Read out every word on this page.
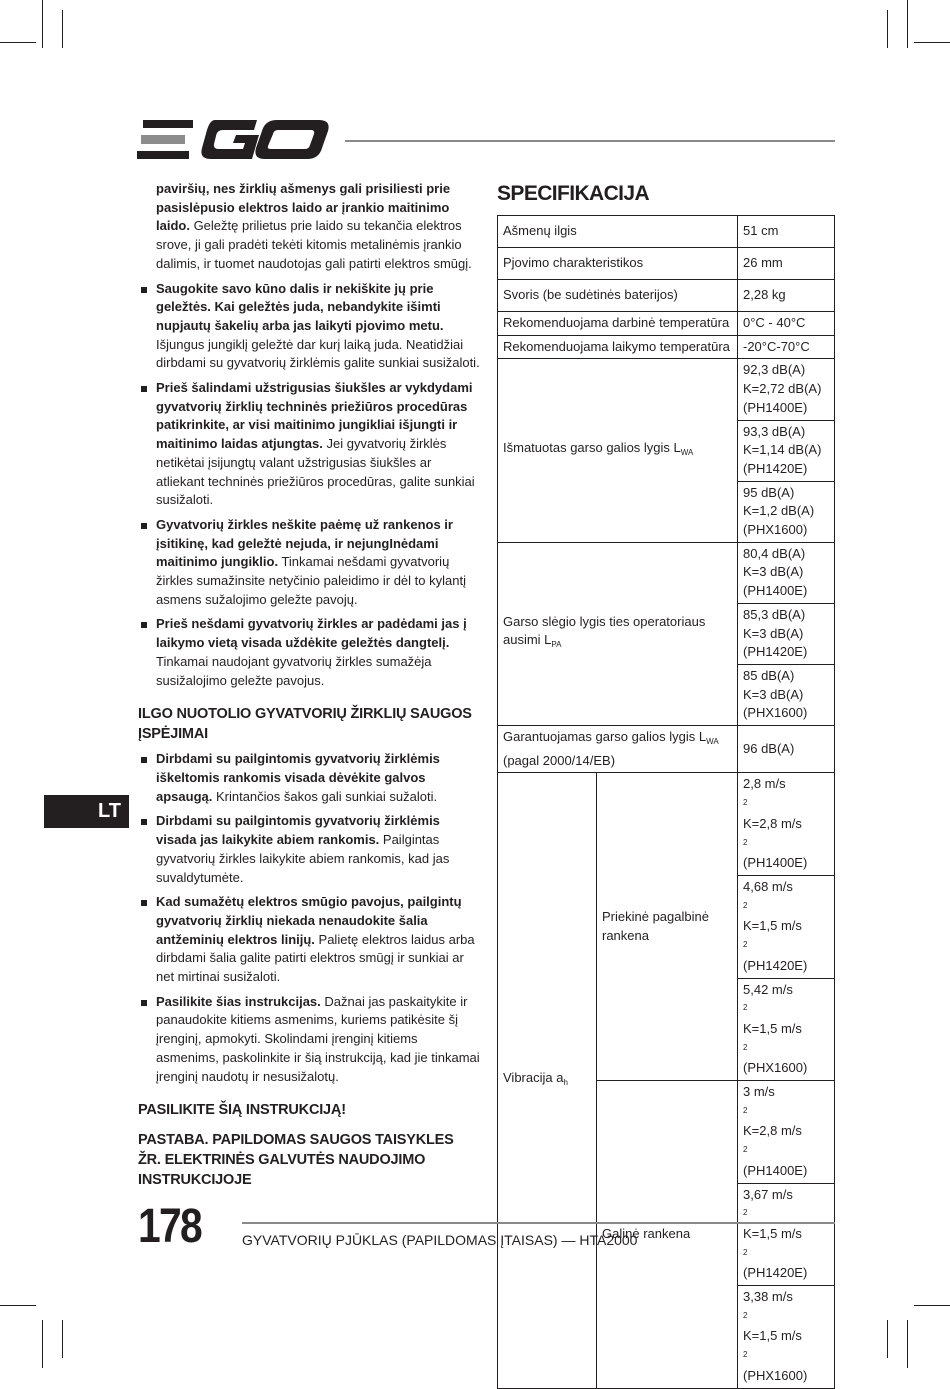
paviršių, nes žirklių ašmenys gali prisiliesti prie pasislėpusio elektros laido ar įrankio maitinimo laido. Geležtę prilietus prie laido su tekančia elektros srove, ji gali pradėti tekėti kitomis metalinėmis įrankio dalimis, ir tuomet naudotojas gali patirti elektros smūgį.

Saugokite savo kūno dalis ir nekiškite jų prie geležtės. Kai geležtės juda, nebandykite išimti nupjautų šakelių arba jas laikyti pjovimo metu. Išjungus jungiklį geležtė dar kurį laiką juda. Neatidžiai dirbdami su gyvatvorių žirklėmis galite sunkiai susižaloti.

Prieš šalindami užstrigusias šiukšles ar vykdydami gyvatvorių žirklių techninės priežiūros procedūras patikrinkite, ar visi maitinimo jungikliai išjungti ir maitinimo laidas atjungtas. Jei gyvatvorių žirklės netikėtai įsijungtų valant užstrigusias šiukšles ar atliekant techninės priežiūros procedūras, galite sunkiai susižaloti.

Gyvatvorių žirkles neškite paėmę už rankenos ir įsitikinę, kad geležtė nejuda, ir nejungInėdami maitinimo jungiklio. Tinkamai nešdami gyvatvorių žirkles sumažinsite netyčinio paleidimo ir dėl to kylantį asmens sužalojimo geležte pavojų.

Prieš nešdami gyvatvorių žirkles ar padėdami jas į laikymo vietą visada uždėkite geležtės dangtelį. Tinkamai naudojant gyvatvorių žirkles sumažėja susižalojimo geležte pavojus.

ILGO NUOTOLIO GYVATVORIŲ ŽIRKLIŲ SAUGOS ĮSPĖJIMAI

Dirbdami su pailgintomis gyvatvorių žirklėmis iškeltomis rankomis visada dėvėkite galvos apsaugą. Krintančios šakos gali sunkiai sužaloti.

Dirbdami su pailgintomis gyvatvorių žirklėmis visada jas laikykite abiem rankomis. Pailgintas gyvatvorių žirkles laikykite abiem rankomis, kad jas suvaldytumėte.

Kad sumažėtų elektros smūgio pavojus, pailgintų gyvatvorių žirklių niekada nenaudokite šalia antžeminių elektros linijų. Palietę elektros laidus arba dirbdami šalia galite patirti elektros smūgį ir sunkiai ar net mirtinai susižaloti.

Pasilikite šias instrukcijas. Dažnai jas paskaitykite ir panaudokite kitiems asmenims, kuriems patikėsite šį įrenginį, apmokyti. Skolindami įrenginį kitiems asmenims, paskolinkite ir šią instrukciją, kad jie tinkamai įrenginį naudotų ir nesusižalotų.

PASILIKITE ŠIĄ INSTRUKCIJĄ!

PASTABA. PAPILDOMAS SAUGOS TAISYKLES ŽR. ELEKTRINĖS GALVUTĖS NAUDOJIMO INSTRUKCIJOJE

LT

SPECIFIKACIJA

Ašmenų ilgis		51 cm
Pjovimo charakteristikos		26 mm
Svoris (be sudėtinės baterijos)		2,28 kg
Rekomenduojama darbinė temperatūra		0°C - 40°C
Rekomenduojama laikymo temperatūra		-20°C-70°C
Išmatuotas garso galios lygis $L_{WA}$		92,3 dB(A)
K=2,72 dB(A)
(PH1400E)

		93,3 dB(A)
K=1,14 dB(A)
(PH1420E)

		95 dB(A)
K=1,2 dB(A)
(PHX1600)

Garso slėgio lygis ties operatoriaus ausimi $L_{PA}$		80,4 dB(A)
K=3 dB(A)
(PH1400E)

		85,3 dB(A)
K=3 dB(A)
(PH1420E)

		85 dB(A)
K=3 dB(A)
(PHX1600)

Garantuojamas garso galios lygis $L_{WA}$
(pagal 2000/14/EB)		96 dB(A)
Vibracija $a_h$	Priekinė pagalbinė rankena	2,8 m/s
$^2$
K=2,8 m/s
$^2$
(PH1400E)

		4,68 m/s
$^2$
K=1,5 m/s
$^2$
(PH1420E)

		5,42 m/s
$^2$
K=1,5 m/s
$^2$
(PHX1600)

	Galinė rankena	3 m/s
$^2$
K=2,8 m/s
$^2$
(PH1400E)

		3,67 m/s
$^2$
K=1,5 m/s
$^2$
(PH1420E)

		3,38 m/s
$^2$
K=1,5 m/s
$^2$
(PHX1600)
178	GYVATVORIŲ PJŪKLAS (PAPILDOMAS ĮTAISAS) — HTA2000
